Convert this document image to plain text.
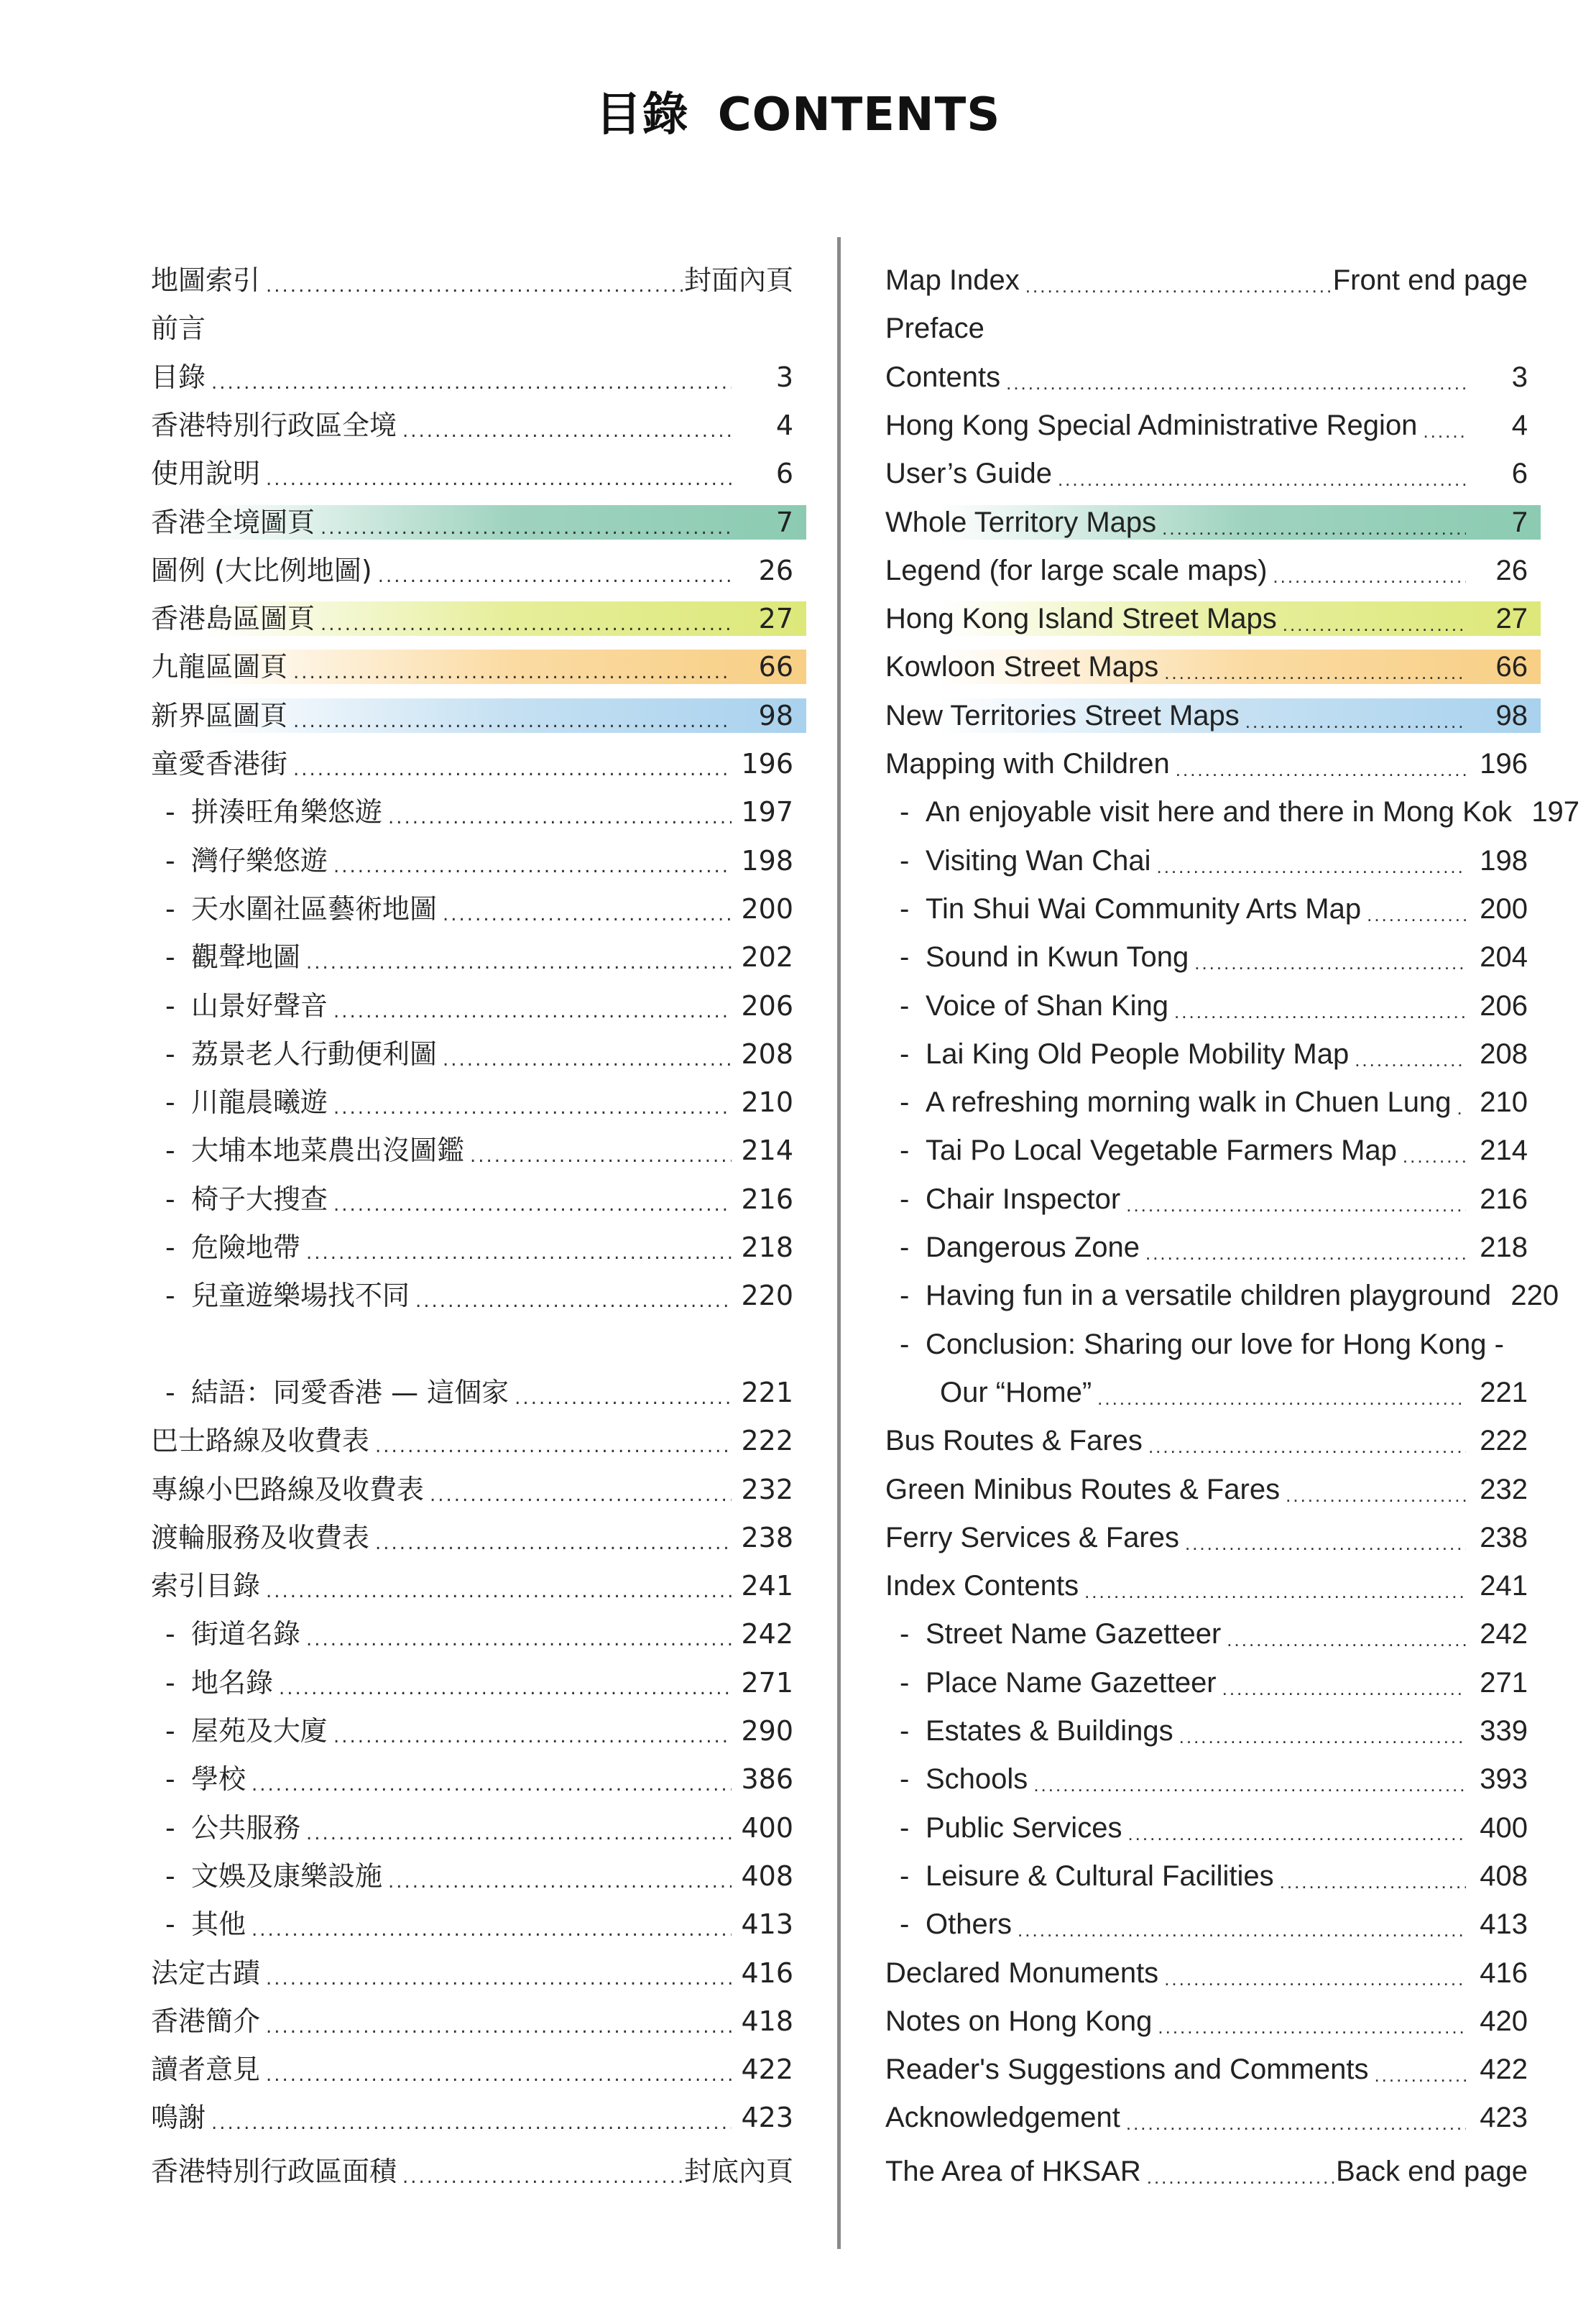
目錄 CONTENTS
地圖索引 .....	封面內頁
前言
目錄 .....	3
香港特別行政區全境 .....	4
使用說明 .....	6
香港全境圖頁 .....	7
圖例 (大比例地圖) .....	26
香港島區圖頁 .....	27
九龍區圖頁 .....	66
新界區圖頁 .....	98
童愛香港街 .....	196
- 拼湊旺角樂悠遊 .....	197
- 灣仔樂悠遊 .....	198
- 天水圍社區藝術地圖 .....	200
- 觀聲地圖 .....	202
- 山景好聲音 .....	206
- 荔景老人行動便利圖 .....	208
- 川龍晨曦遊 .....	210
- 大埔本地菜農出沒圖鑑 .....	214
- 椅子大搜查 .....	216
- 危險地帶 .....	218
- 兒童遊樂場找不同 .....	220
- 結語：同愛香港 — 這個家 .....	221
巴士路線及收費表 .....	222
專線小巴路線及收費表 .....	232
渡輪服務及收費表 .....	238
索引目錄 .....	241
- 街道名錄 .....	242
- 地名錄 .....	271
- 屋苑及大廈 .....	290
- 學校 .....	386
- 公共服務 .....	400
- 文娛及康樂設施 .....	408
- 其他 .....	413
法定古蹟 .....	416
香港簡介 .....	418
讀者意見 .....	422
鳴謝 .....	423
香港特別行政區面積 .....	封底內頁
Map Index .....	Front end page
Preface
Contents .....	3
Hong Kong Special Administrative Region .....	4
User’s Guide .....	6
Whole Territory Maps .....	7
Legend (for large scale maps) .....	26
Hong Kong Island Street Maps .....	27
Kowloon Street Maps .....	66
New Territories Street Maps .....	98
Mapping with Children .....	196
- An enjoyable visit here and there in Mong Kok 197
- Visiting Wan Chai .....	198
- Tin Shui Wai Community Arts Map .....	200
- Sound in Kwun Tong .....	204
- Voice of Shan King .....	206
- Lai King Old People Mobility Map .....	208
- A refreshing morning walk in Chuen Lung ..... 210
- Tai Po Local Vegetable Farmers Map .....	214
- Chair Inspector .....	216
- Dangerous Zone .....	218
- Having fun in a versatile children playground 220
- Conclusion: Sharing our love for Hong Kong -
Our “Home” .....	221
Bus Routes & Fares .....	222
Green Minibus Routes & Fares .....	232
Ferry Services & Fares .....	238
Index Contents .....	241
- Street Name Gazetteer .....	242
- Place Name Gazetteer .....	271
- Estates & Buildings .....	339
- Schools .....	393
- Public Services .....	400
- Leisure & Cultural Facilities .....	408
- Others .....	413
Declared Monuments .....	416
Notes on Hong Kong .....	420
Reader's Suggestions and Comments .....	422
Acknowledgement .....	423
The Area of HKSAR .....	Back end page
